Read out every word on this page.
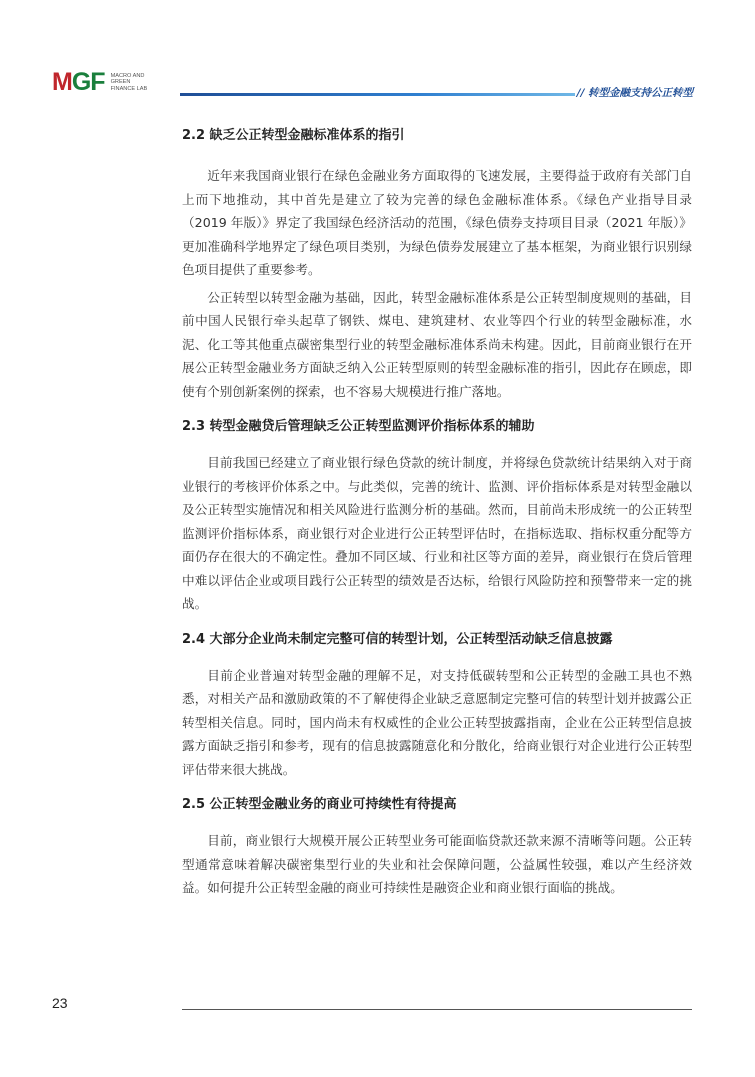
MGF MACRO AND
GREEN
FINANCE LAB	// 转型金融支持公正转型
2.2 缺乏公正转型金融标准体系的指引

近年来我国商业银行在绿色金融业务方面取得的飞速发展，主要得益于政府有关部门自上而下地推动，其中首先是建立了较为完善的绿色金融标准体系。《绿色产业指导目录（2019 年版）》界定了我国绿色经济活动的范围，《绿色债券支持项目目录（2021 年版）》更加准确科学地界定了绿色项目类别，为绿色债券发展建立了基本框架，为商业银行识别绿色项目提供了重要参考。

公正转型以转型金融为基础，因此，转型金融标准体系是公正转型制度规则的基础，目前中国人民银行牵头起草了钢铁、煤电、建筑建材、农业等四个行业的转型金融标准，水泥、化工等其他重点碳密集型行业的转型金融标准体系尚未构建。因此，目前商业银行在开展公正转型金融业务方面缺乏纳入公正转型原则的转型金融标准的指引，因此存在顾虑，即使有个别创新案例的探索，也不容易大规模进行推广落地。

2.3 转型金融贷后管理缺乏公正转型监测评价指标体系的辅助

目前我国已经建立了商业银行绿色贷款的统计制度，并将绿色贷款统计结果纳入对于商业银行的考核评价体系之中。与此类似，完善的统计、监测、评价指标体系是对转型金融以及公正转型实施情况和相关风险进行监测分析的基础。然而，目前尚未形成统一的公正转型监测评价指标体系，商业银行对企业进行公正转型评估时，在指标选取、指标权重分配等方面仍存在很大的不确定性。叠加不同区域、行业和社区等方面的差异，商业银行在贷后管理中难以评估企业或项目践行公正转型的绩效是否达标，给银行风险防控和预警带来一定的挑战。

2.4 大部分企业尚未制定完整可信的转型计划，公正转型活动缺乏信息披露

目前企业普遍对转型金融的理解不足，对支持低碳转型和公正转型的金融工具也不熟悉，对相关产品和激励政策的不了解使得企业缺乏意愿制定完整可信的转型计划并披露公正转型相关信息。同时，国内尚未有权威性的企业公正转型披露指南，企业在公正转型信息披露方面缺乏指引和参考，现有的信息披露随意化和分散化，给商业银行对企业进行公正转型评估带来很大挑战。

2.5 公正转型金融业务的商业可持续性有待提高

目前，商业银行大规模开展公正转型业务可能面临贷款还款来源不清晰等问题。公正转型通常意味着解决碳密集型行业的失业和社会保障问题，公益属性较强，难以产生经济效益。如何提升公正转型金融的商业可持续性是融资企业和商业银行面临的挑战。

23
